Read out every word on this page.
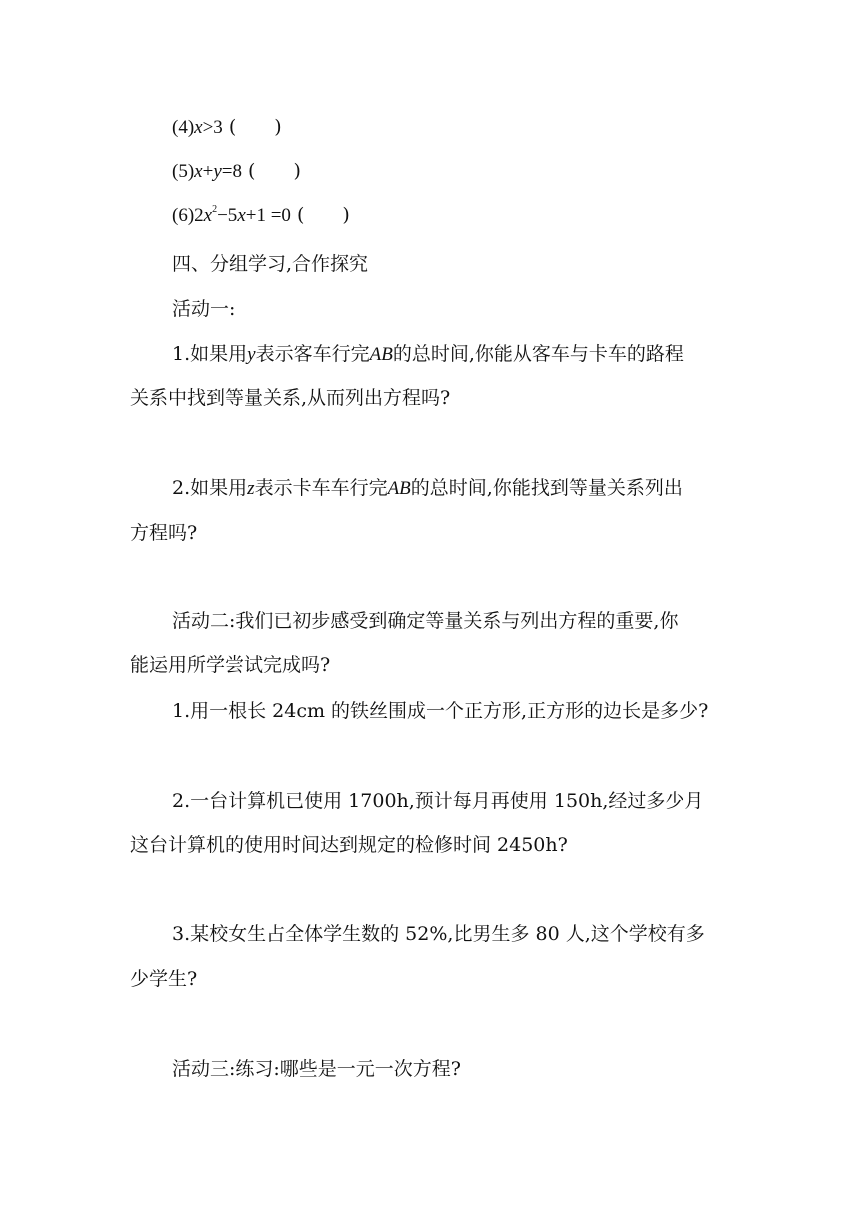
(4)x>3 ( )
(5)x+y=8 ( )
$(6)2x^2-5x+1 =0$ ( )
四、分组学习,合作探究
活动一:
1.如果用y表示客车行完AB的总时间,你能从客车与卡车的路程
关系中找到等量关系,从而列出方程吗?
2.如果用z表示卡车车行完AB的总时间,你能找到等量关系列出
方程吗?
活动二:我们已初步感受到确定等量关系与列出方程的重要,你
能运用所学尝试完成吗?
1.用一根长 24cm 的铁丝围成一个正方形,正方形的边长是多少?
2.一台计算机已使用 1700h,预计每月再使用 150h,经过多少月
这台计算机的使用时间达到规定的检修时间 2450h?
3.某校女生占全体学生数的 52%,比男生多 80 人,这个学校有多
少学生?
活动三:练习:哪些是一元一次方程?
